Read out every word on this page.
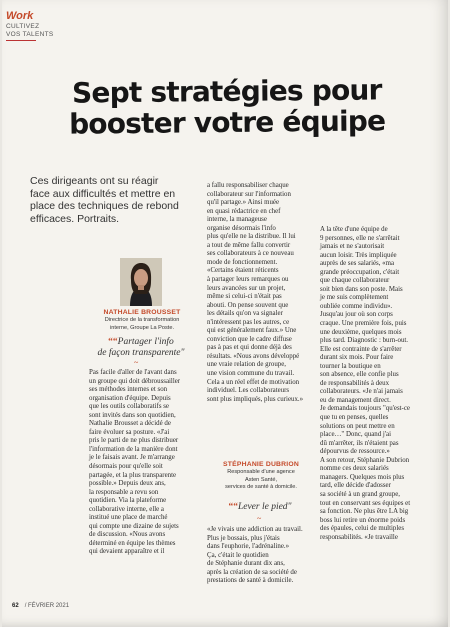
Work
CULTIVEZ
VOS TALENTS
Sept stratégies pour
booster votre équipe
Ces dirigeants ont su réagir face aux difficultés et mettre en place des techniques de rebond efficaces. Portraits.
NATHALIE BROUSSET
Directrice de la transformation
interne, Groupe La Poste.
““Partager l'info
de façon transparente"
~

Pas facile d'aller de l'avant dans

un groupe qui doit débroussailler

ses méthodes internes et son

organisation d'équipe. Depuis

que les outils collaboratifs se

sont invités dans son quotidien,

Nathalie Brousset a décidé de

faire évoluer sa posture. «J'ai

pris le parti de ne plus distribuer

l'information de la manière dont

je le faisais avant. Je m'arrange

désormais pour qu'elle soit

partagée, et la plus transparente

possible.» Depuis deux ans,

la responsable a revu son

quotidien. Via la plateforme

collaborative interne, elle a

institué une place de marché

qui compte une dizaine de sujets

de discussion. «Nous avons

déterminé en équipe les thèmes

qui devaient apparaître et il

a fallu responsabiliser chaque

collaborateur sur l'information

qu'il partage.» Ainsi muée

en quasi rédactrice en chef

interne, la manageuse

organise désormais l'info

plus qu'elle ne la distribue. Il lui

a tout de même fallu convertir

ses collaborateurs à ce nouveau

mode de fonctionnement.

«Certains étaient réticents

à partager leurs remarques ou

leurs avancées sur un projet,

même si celui-ci n'était pas

abouti. On pense souvent que

les détails qu'on va signaler

n'intéressent pas les autres, ce

qui est généralement faux.» Une

conviction que le cadre diffuse

pas à pas et qui donne déjà des

résultats. «Nous avons développé

une vraie relation de groupe,

une vision commune du travail.

Cela a un réel effet de motivation

individuel. Les collaborateurs

sont plus impliqués, plus curieux.»

STÉPHANIE DUBRION
Responsable d'une agence
Asten Santé,
services de santé à domicile.
““Lever le pied"
~

«Je vivais une addiction au travail.

Plus je bossais, plus j'étais

dans l'euphorie, l'adrénaline.»

Ça, c'était le quotidien

de Stéphanie durant dix ans,

après la création de sa société de

prestations de santé à domicile.

A la tête d'une équipe de

9 personnes, elle ne s'arrêtait

jamais et ne s'autorisait

aucun loisir. Très impliquée

auprès de ses salariés, «ma

grande préoccupation, c'était

que chaque collaborateur

soit bien dans son poste. Mais

je me suis complètement

oubliée comme individu».

Jusqu'au jour où son corps

craque. Une première fois, puis

une deuxième, quelques mois

plus tard. Diagnostic : burn-out.

Elle est contrainte de s'arrêter

durant six mois. Pour faire

tourner la boutique en

son absence, elle confie plus

de responsabilités à deux

collaborateurs. «Je n'ai jamais

eu de management direct.

Je demandais toujours "qu'est-ce

que tu en penses, quelles

solutions on peut mettre en

place…" Donc, quand j'ai

dû m'arrêter, ils n'étaient pas

dépourvus de ressource.»

A son retour, Stéphanie Dubrion

nomme ces deux salariés

managers. Quelques mois plus

tard, elle décide d'adosser

sa société à un grand groupe,

tout en conservant ses équipes et

sa fonction. Ne plus être LA big

boss lui retire un énorme poids

des épaules, celui de multiples

responsabilités. «Je travaille

62 / FÉVRIER 2021
